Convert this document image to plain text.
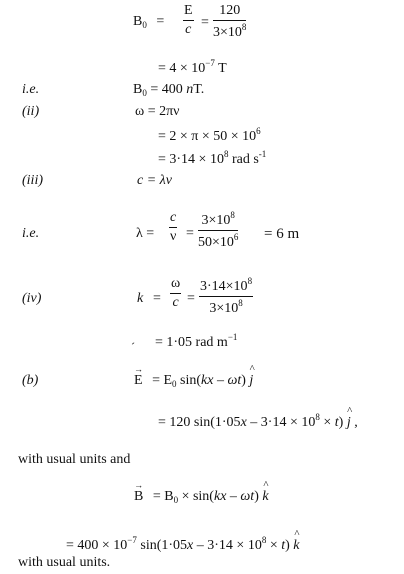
$B_0 = \frac{E}{c} = \frac{120}{3\times 10^8}$
= $4 \times 10^{-7}$ T
i.e.	$B_0 = 400$ nT.
(ii)	ω = 2πν
= $2 \times \pi \times 50 \times 10^6$
= $3\cdot 14 \times 10^8$ rad $s^{-1}$
(iii)	c = λν
i.e.	$\lambda = \frac{c}{\nu} = \frac{3\times 10^8}{50\times 10^6} = 6$ m
(iv)	$k = \frac{\omega}{c} = \frac{3\cdot 14\times 10^8}{3\times 10^8}$
= 1·05 rad $m^{-1}$
ˊ
(b)
→
$E = E_0$ sin(kx – ωt)
^
j
= 120 $\sin(1\cdot 05x - 3\cdot 14 \times 10^8 \times t)$
^
j ,
with usual units and
→
$B = B_0 \times \sin(kx - \omega t)$
^
k
= $400 \times 10^{-7}$ $\sin(1\cdot 05x - 3\cdot 14 \times 10^8 \times t)$
^
k
with usual units.
